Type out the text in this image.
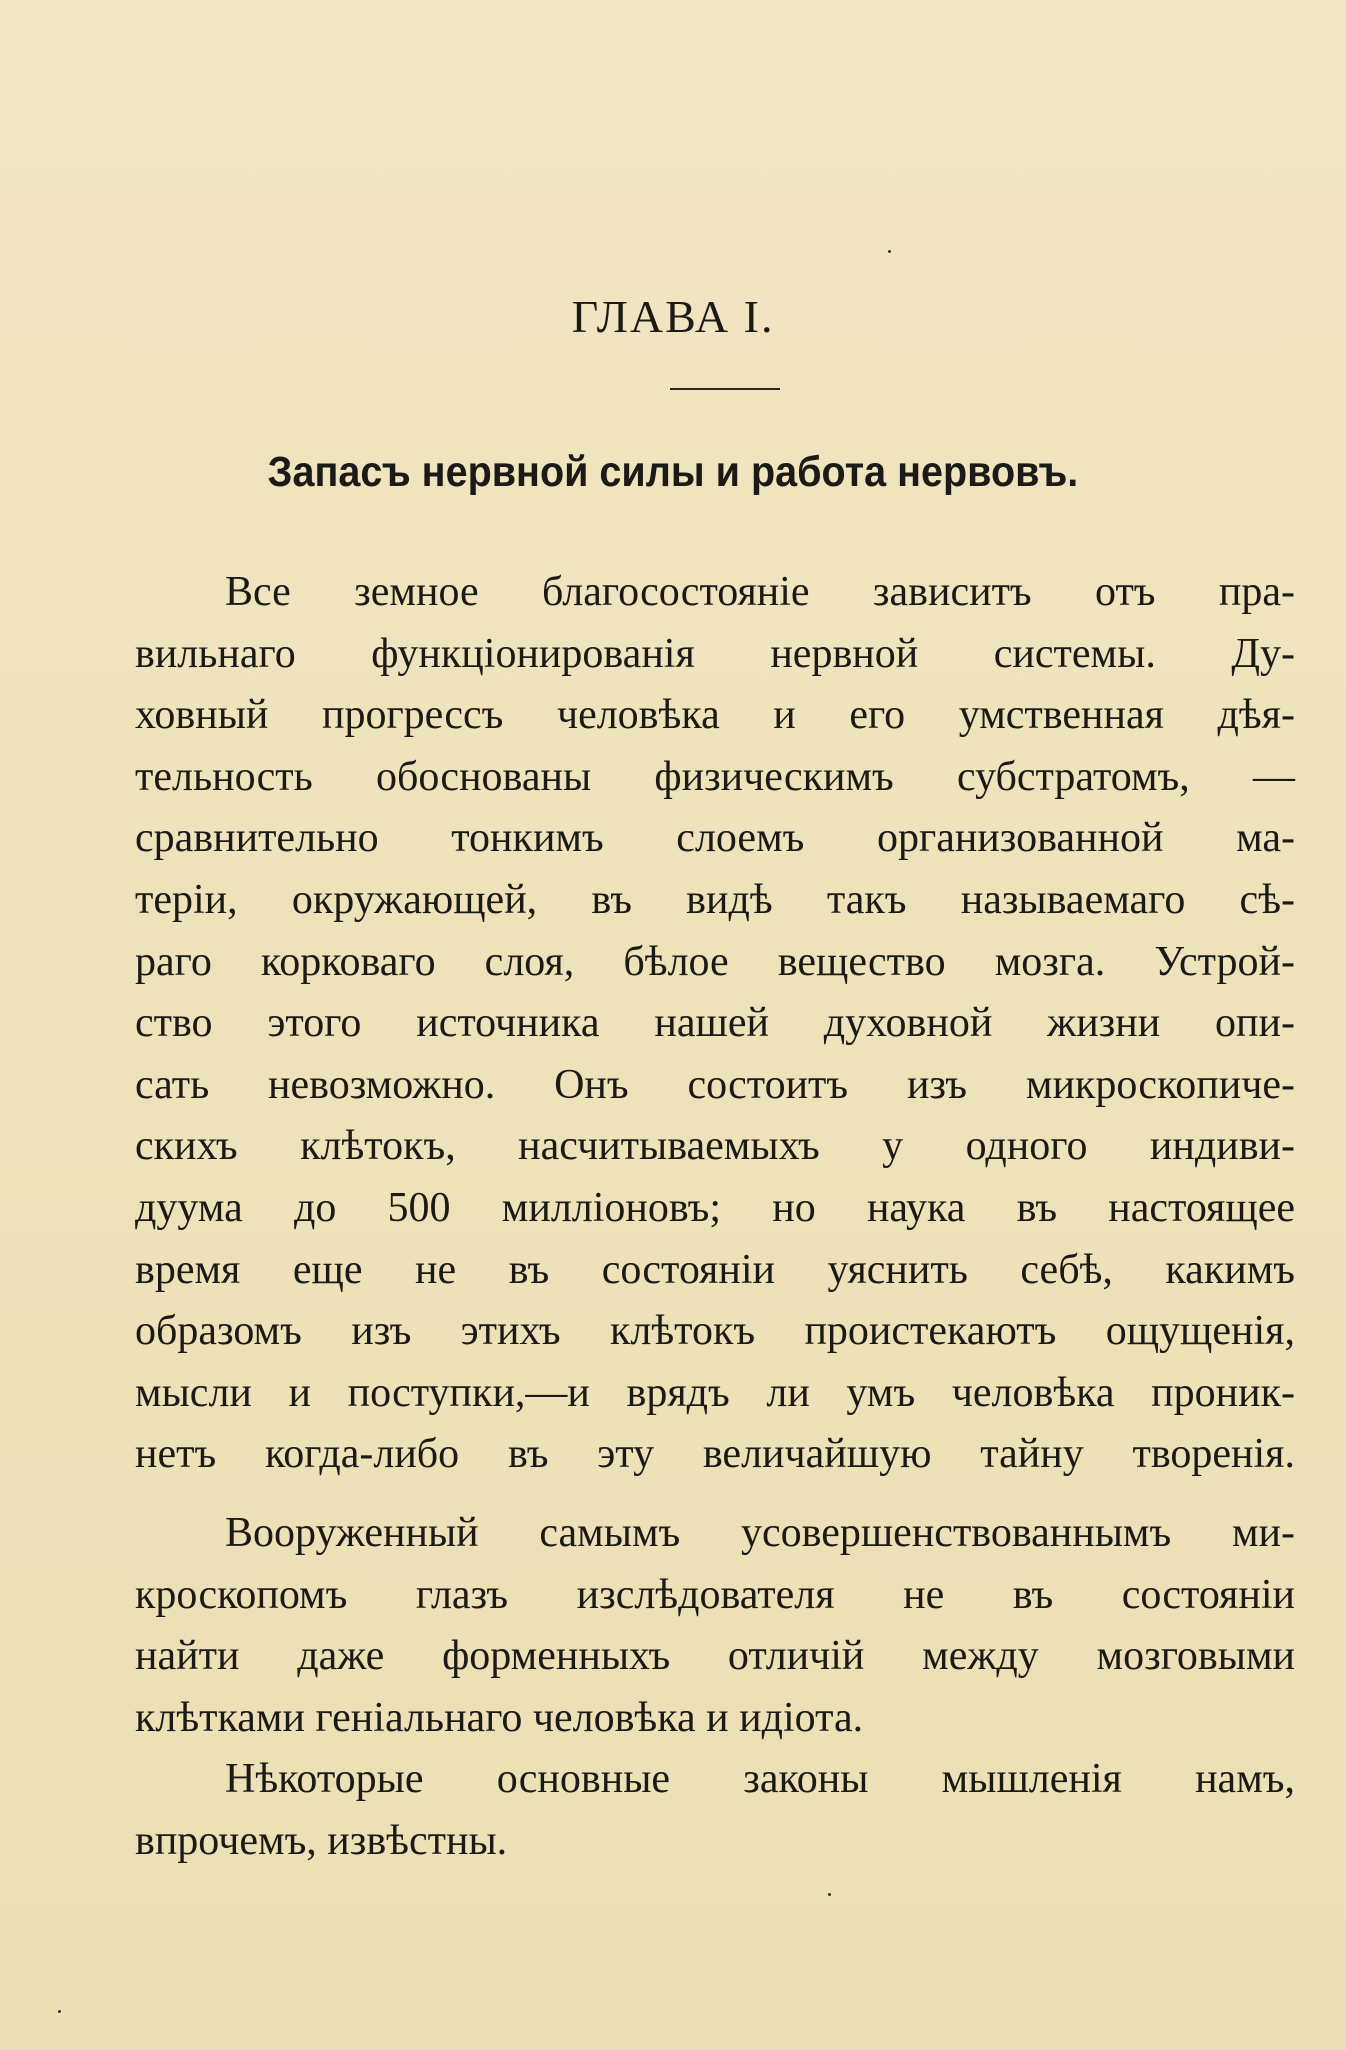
ГЛАВА I.
Запасъ нервной силы и работа нервовъ.
Все земное благосостояніе зависитъ отъ пра-
вильнаго функціонированія нервной системы. Ду-
ховный прогрессъ человѣка и его умственная дѣя-
тельность обоснованы физическимъ субстратомъ, —
сравнительно тонкимъ слоемъ организованной ма-
теріи, окружающей, въ видѣ такъ называемаго сѣ-
раго корковаго слоя, бѣлое вещество мозга. Устрой-
ство этого источника нашей духовной жизни опи-
сать невозможно. Онъ состоитъ изъ микроскопиче-
скихъ клѣтокъ, насчитываемыхъ у одного индиви-
дуума до 500 милліоновъ; но наука въ настоящее
время еще не въ состояніи уяснить себѣ, какимъ
образомъ изъ этихъ клѣтокъ проистекаютъ ощущенія,
мысли и поступки,—и врядъ ли умъ человѣка проник-
нетъ когда-либо въ эту величайшую тайну творенія.
Вооруженный самымъ усовершенствованнымъ ми-
кроскопомъ глазъ изслѣдователя не въ состояніи
найти даже форменныхъ отличій между мозговыми
клѣтками геніальнаго человѣка и идіота.
Нѣкоторые основные законы мышленія намъ,
впрочемъ, извѣстны.
